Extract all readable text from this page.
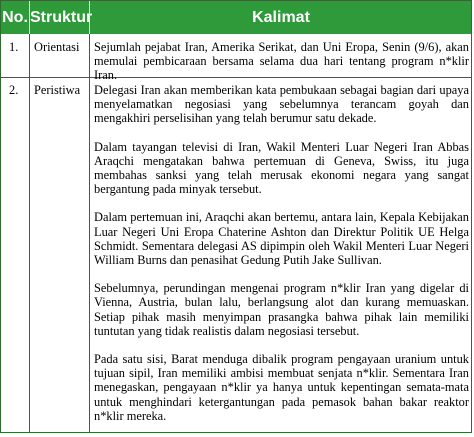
No. Struktur	Kalimat
1. Orientasi Sejumlah pejabat Iran, Amerika Serikat, dan Uni Eropa, Senin (9/6), akan memulai pembicaraan bersama selama dua hari tentang program n*klir Iran.

2. Peristiwa Delegasi Iran akan memberikan kata pembukaan sebagai bagian dari upaya menyelamatkan negosiasi yang sebelumnya terancam goyah dan mengakhiri perselisihan yang telah berumur satu dekade.

Dalam tayangan televisi di Iran, Wakil Menteri Luar Negeri Iran Abbas Araqchi mengatakan bahwa pertemuan di Geneva, Swiss, itu juga membahas sanksi yang telah merusak ekonomi negara yang sangat bergantung pada minyak tersebut.

Dalam pertemuan ini, Araqchi akan bertemu, antara lain, Kepala Kebijakan Luar Negeri Uni Eropa Chaterine Ashton dan Direktur Politik UE Helga Schmidt. Sementara delegasi AS dipimpin oleh Wakil Menteri Luar Negeri William Burns dan penasihat Gedung Putih Jake Sullivan.

Sebelumnya, perundingan mengenai program n*klir Iran yang digelar di Vienna, Austria, bulan lalu, berlangsung alot dan kurang memuaskan. Setiap pihak masih menyimpan prasangka bahwa pihak lain memiliki tuntutan yang tidak realistis dalam negosiasi tersebut.

Pada satu sisi, Barat menduga dibalik program pengayaan uranium untuk tujuan sipil, Iran memiliki ambisi membuat senjata n*klir. Sementara Iran menegaskan, pengayaan n*klir ya hanya untuk kepentingan semata-mata untuk menghindari ketergantungan pada pemasok bahan bakar reaktor n*klir mereka.
